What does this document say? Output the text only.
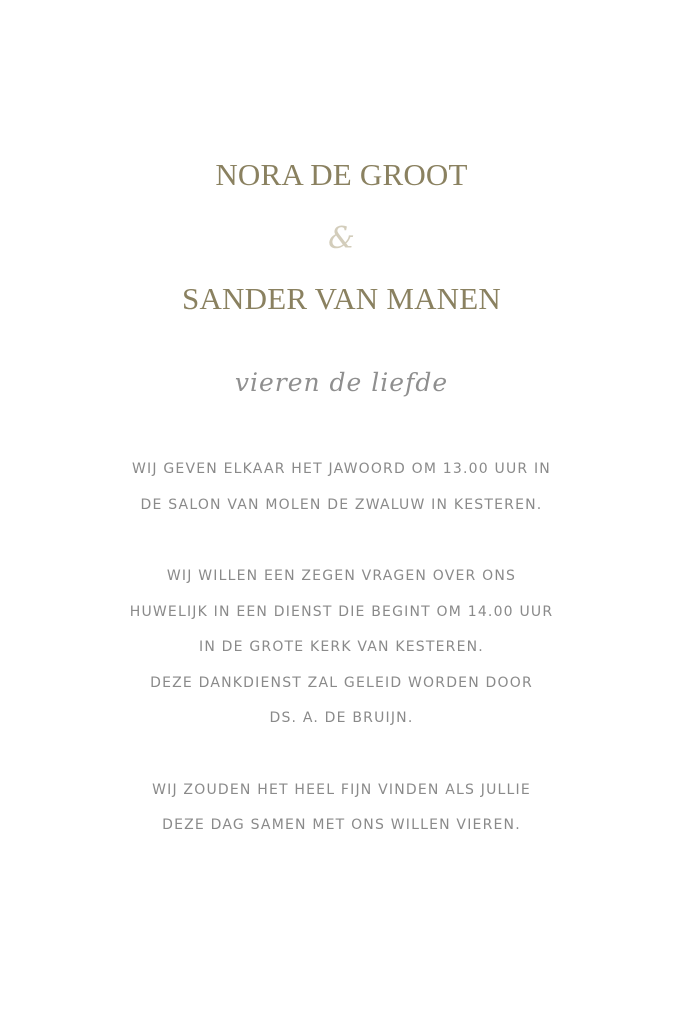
NORA DE GROOT
&
SANDER VAN MANEN
vieren de liefde
WIJ GEVEN ELKAAR HET JAWOORD OM 13.00 UUR IN
DE SALON VAN MOLEN DE ZWALUW IN KESTEREN.
WIJ WILLEN EEN ZEGEN VRAGEN OVER ONS
HUWELIJK IN EEN DIENST DIE BEGINT OM 14.00 UUR
IN DE GROTE KERK VAN KESTEREN.
DEZE DANKDIENST ZAL GELEID WORDEN DOOR
DS. A. DE BRUIJN.
WIJ ZOUDEN HET HEEL FIJN VINDEN ALS JULLIE
DEZE DAG SAMEN MET ONS WILLEN VIEREN.
